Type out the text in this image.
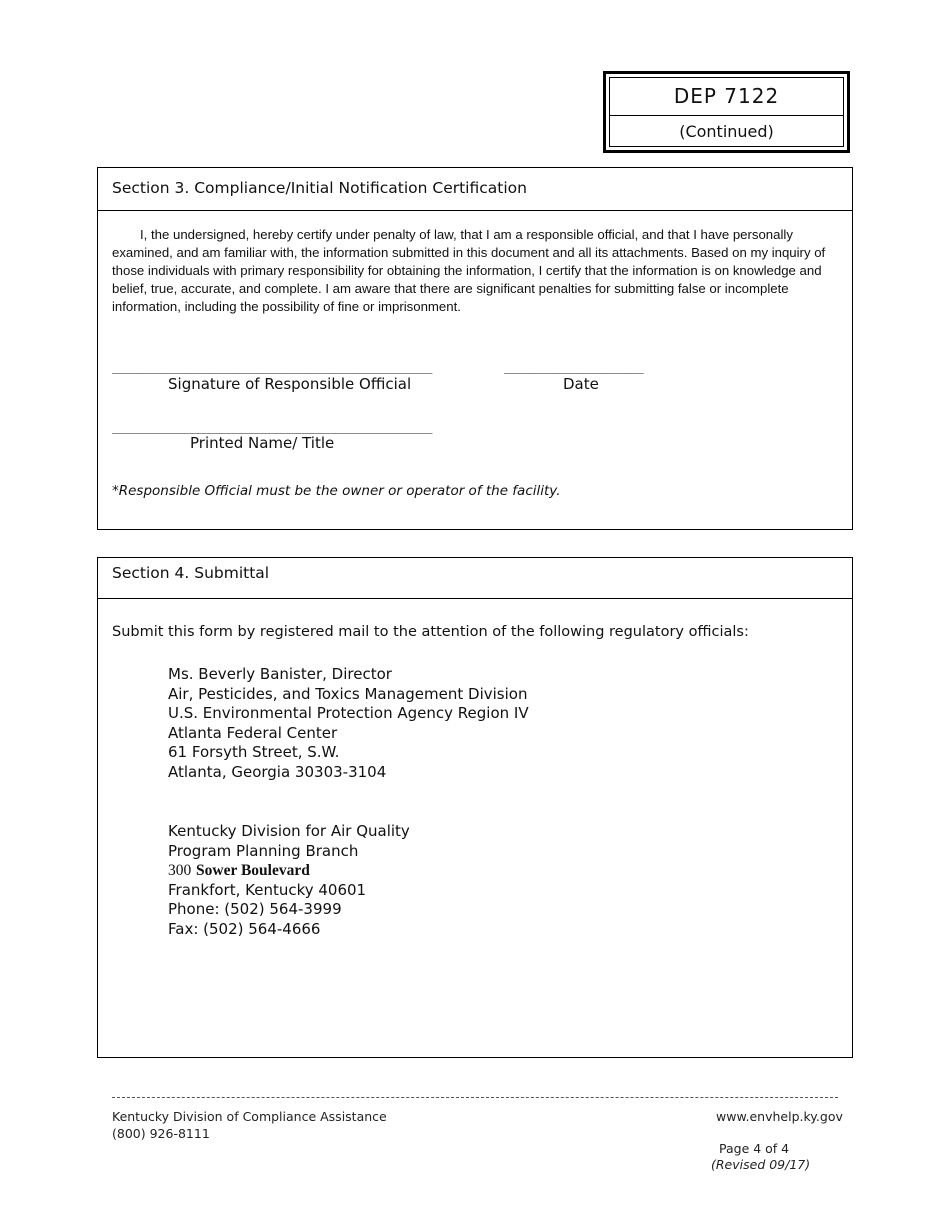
DEP 7122
(Continued)
Section 3. Compliance/Initial Notification Certification
I, the undersigned, hereby certify under penalty of law, that I am a responsible official, and that I have personally examined, and am familiar with, the information submitted in this document and all its attachments. Based on my inquiry of those individuals with primary responsibility for obtaining the information, I certify that the information is on knowledge and belief, true, accurate, and complete. I am aware that there are significant penalties for submitting false or incomplete information, including the possibility of fine or imprisonment.
_____________________________________________________	_______________________
Signature of Responsible Official	Date
_____________________________________________________
Printed Name/ Title
*Responsible Official must be the owner or operator of the facility.
Section 4. Submittal
Submit this form by registered mail to the attention of the following regulatory officials:
Ms. Beverly Banister, Director
Air, Pesticides, and Toxics Management Division
U.S. Environmental Protection Agency Region IV
Atlanta Federal Center
61 Forsyth Street, S.W.
Atlanta, Georgia 30303-3104
Kentucky Division for Air Quality
Program Planning Branch
300 Sower Boulevard
Frankfort, Kentucky 40601
Phone: (502) 564-3999
Fax: (502) 564-4666
Kentucky Division of Compliance Assistance
(800) 926-8111
www.envhelp.ky.gov
Page 4 of 4
(Revised 09/17)
